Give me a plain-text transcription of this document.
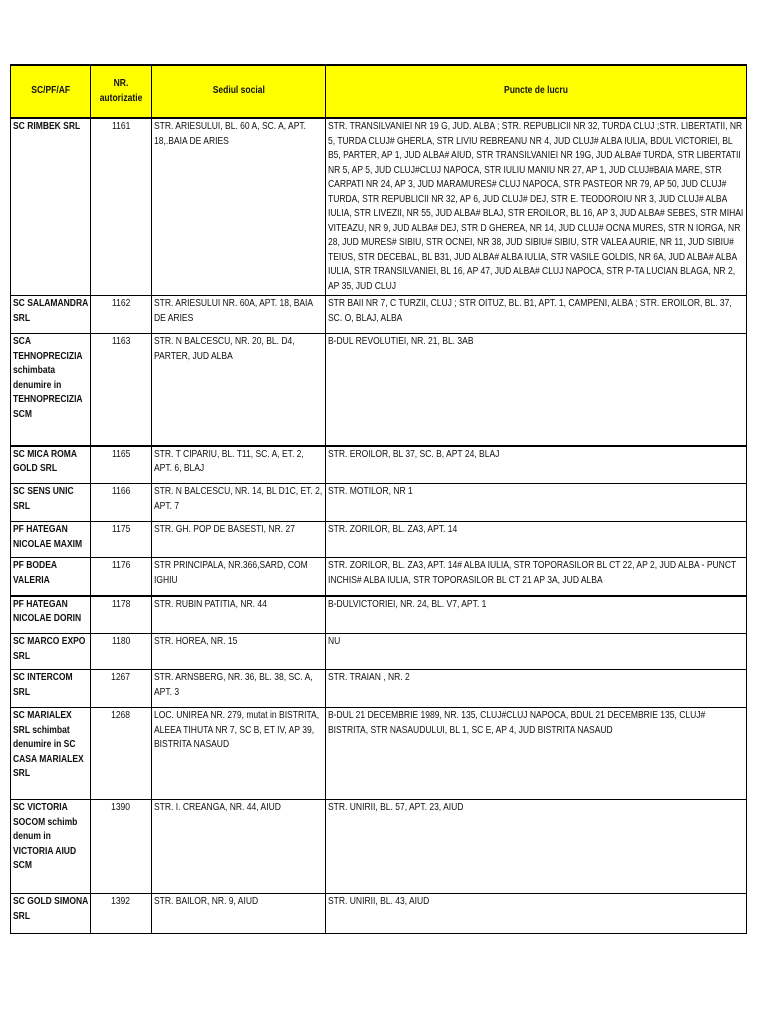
SC/PF/AF	NR. autorizatie	Sediul social	Puncte de lucru
SC RIMBEK SRL	1161	STR. ARIESULUI, BL. 60 A, SC. A, APT. 18,.BAIA DE ARIES	STR. TRANSILVANIEI NR 19 G, JUD. ALBA ; STR. REPUBLICII NR 32, TURDA CLUJ ;STR. LIBERTATII, NR 5, TURDA CLUJ# GHERLA, STR LIVIU REBREANU NR 4, JUD CLUJ# ALBA IULIA, BDUL VICTORIEI, BL B5, PARTER, AP 1, JUD ALBA# AIUD, STR TRANSILVANIEI NR 19G, JUD ALBA# TURDA, STR LIBERTATII NR 5, AP 5, JUD CLUJ#CLUJ NAPOCA, STR IULIU MANIU NR 27, AP 1, JUD CLUJ#BAIA MARE, STR CARPATI NR 24, AP 3, JUD MARAMURES# CLUJ NAPOCA, STR PASTEOR NR 79, AP 50, JUD CLUJ# TURDA, STR REPUBLICII NR 32, AP 6, JUD CLUJ# DEJ, STR E. TEODOROIU NR 3, JUD CLUJ# ALBA IULIA, STR LIVEZII, NR 55, JUD ALBA# BLAJ, STR EROILOR, BL 16, AP 3, JUD ALBA# SEBES, STR MIHAI VITEAZU, NR 9, JUD ALBA# DEJ, STR D GHEREA, NR 14, JUD CLUJ# OCNA MURES, STR N IORGA, NR 28, JUD MURES# SIBIU, STR OCNEI, NR 38, JUD SIBIU# SIBIU, STR VALEA AURIE, NR 11, JUD SIBIU# TEIUS, STR DECEBAL, BL B31, JUD ALBA# ALBA IULIA, STR VASILE GOLDIS, NR 6A, JUD ALBA# ALBA IULIA, STR TRANSILVANIEI, BL 16, AP 47, JUD ALBA# CLUJ NAPOCA, STR P-TA LUCIAN BLAGA, NR 2, AP 35, JUD CLUJ
SC SALAMANDRA SRL	1162	STR. ARIESULUI NR. 60A, APT. 18, BAIA DE ARIES	STR BAII NR 7, C TURZII, CLUJ ; STR OITUZ, BL. B1, APT. 1, CAMPENI, ALBA ; STR. EROILOR, BL. 37, SC. O, BLAJ, ALBA
SCA TEHNOPRECIZIA schimbata denumire in TEHNOPRECIZIA SCM	1163	STR. N BALCESCU, NR. 20, BL. D4, PARTER, JUD ALBA	B-DUL REVOLUTIEI, NR. 21, BL. 3AB
SC MICA ROMA GOLD SRL	1165	STR. T CIPARIU, BL. T11, SC. A, ET. 2, APT. 6, BLAJ	STR. EROILOR, BL 37, SC. B, APT 24, BLAJ
SC SENS UNIC SRL	1166	STR. N BALCESCU, NR. 14, BL D1C, ET. 2, APT. 7	STR. MOTILOR, NR 1
PF HATEGAN NICOLAE MAXIM	1175	STR. GH. POP DE BASESTI, NR. 27	STR. ZORILOR, BL. ZA3, APT. 14
PF BODEA VALERIA	1176	STR PRINCIPALA, NR.366,SARD, COM IGHIU	STR. ZORILOR, BL. ZA3, APT. 14# ALBA IULIA, STR TOPORASILOR BL CT 22, AP 2, JUD ALBA - PUNCT INCHIS# ALBA IULIA, STR TOPORASILOR BL CT 21 AP 3A, JUD ALBA
PF HATEGAN NICOLAE DORIN	1178	STR. RUBIN PATITIA, NR. 44	B-DULVICTORIEI, NR. 24, BL. V7, APT. 1
SC MARCO EXPO SRL	1180	STR. HOREA, NR. 15	NU
SC INTERCOM SRL	1267	STR. ARNSBERG, NR. 36, BL. 38, SC. A, APT. 3	STR. TRAIAN , NR. 2
SC MARIALEX SRL schimbat denumire in SC CASA MARIALEX SRL	1268	LOC. UNIREA NR. 279, mutat in BISTRITA, ALEEA TIHUTA NR 7, SC B, ET IV, AP 39, BISTRITA NASAUD	B-DUL 21 DECEMBRIE 1989, NR. 135, CLUJ#CLUJ NAPOCA, BDUL 21 DECEMBRIE 135, CLUJ# BISTRITA, STR NASAUDULUI, BL 1, SC E, AP 4, JUD BISTRITA NASAUD
SC VICTORIA SOCOM schimb denum in VICTORIA AIUD SCM	1390	STR. I. CREANGA, NR. 44, AIUD	STR. UNIRII, BL. 57, APT. 23, AIUD
SC GOLD SIMONA SRL	1392	STR. BAILOR, NR. 9, AIUD	STR. UNIRII, BL. 43, AIUD
